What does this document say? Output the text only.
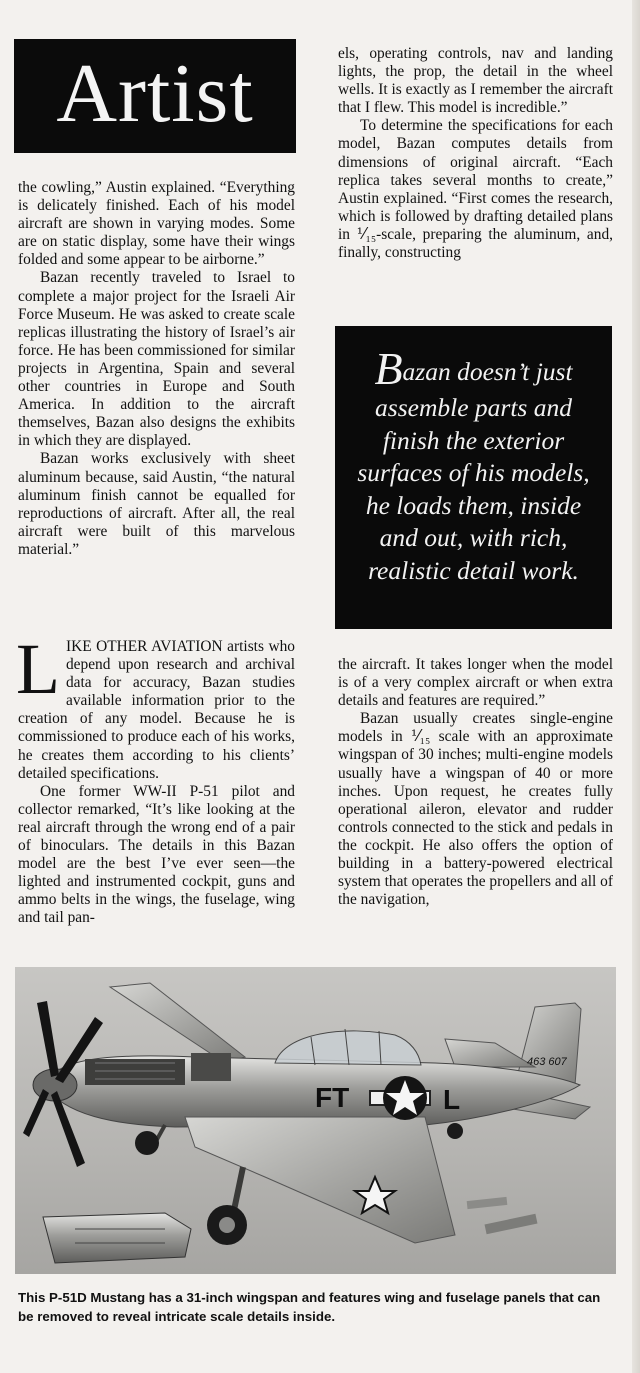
Artist

the cowling,” Austin explained. “Everything is delicately finished. Each of his model aircraft are shown in varying modes. Some are on static display, some have their wings folded and some appear to be airborne.”

Bazan recently traveled to Israel to complete a major project for the Israeli Air Force Museum. He was asked to create scale replicas illustrating the history of Israel’s air force. He has been commissioned for similar projects in Argentina, Spain and several other countries in Europe and South America. In addition to the aircraft themselves, Bazan also designs the exhibits in which they are displayed.

Bazan works exclusively with sheet aluminum because, said Austin, “the natural aluminum finish cannot be equalled for reproductions of aircraft. After all, the real aircraft were built of this marvelous material.”

LIKE OTHER AVIATION artists who depend upon research and archival data for accuracy, Bazan studies available information prior to the creation of any model. Because he is commissioned to produce each of his works, he creates them according to his clients’ detailed specifications.

One former WW-II P-51 pilot and collector remarked, “It’s like looking at the real aircraft through the wrong end of a pair of binoculars. The details in this Bazan model are the best I’ve ever seen—the lighted and instrumented cockpit, guns and ammo belts in the wings, the fuselage, wing and tail pan-

els, operating controls, nav and landing lights, the prop, the detail in the wheel wells. It is exactly as I remember the aircraft that I flew. This model is incredible.”

To determine the specifications for each model, Bazan computes details from dimensions of original aircraft. “Each replica takes several months to create,” Austin explained. “First comes the research, which is followed by drafting detailed plans in ⅟₁₅-scale, preparing the aluminum, and, finally, constructing

Bazan doesn’t just assemble parts and finish the exterior surfaces of his models, he loads them, inside and out, with rich, realistic detail work.

the aircraft. It takes longer when the model is of a very complex aircraft or when extra details and features are required.”

Bazan usually creates single-engine models in ⅟₁₅ scale with an approximate wingspan of 30 inches; multi-engine models usually have a wingspan of 40 or more inches. Upon request, he creates fully operational aileron, elevator and rudder controls connected to the stick and pedals in the cockpit. He also offers the option of building in a battery-powered electrical system that operates the propellers and all of the navigation,

FT	L
463 607
This P-51D Mustang has a 31-inch wingspan and features wing and fuselage panels that can be removed to reveal intricate scale details inside.
